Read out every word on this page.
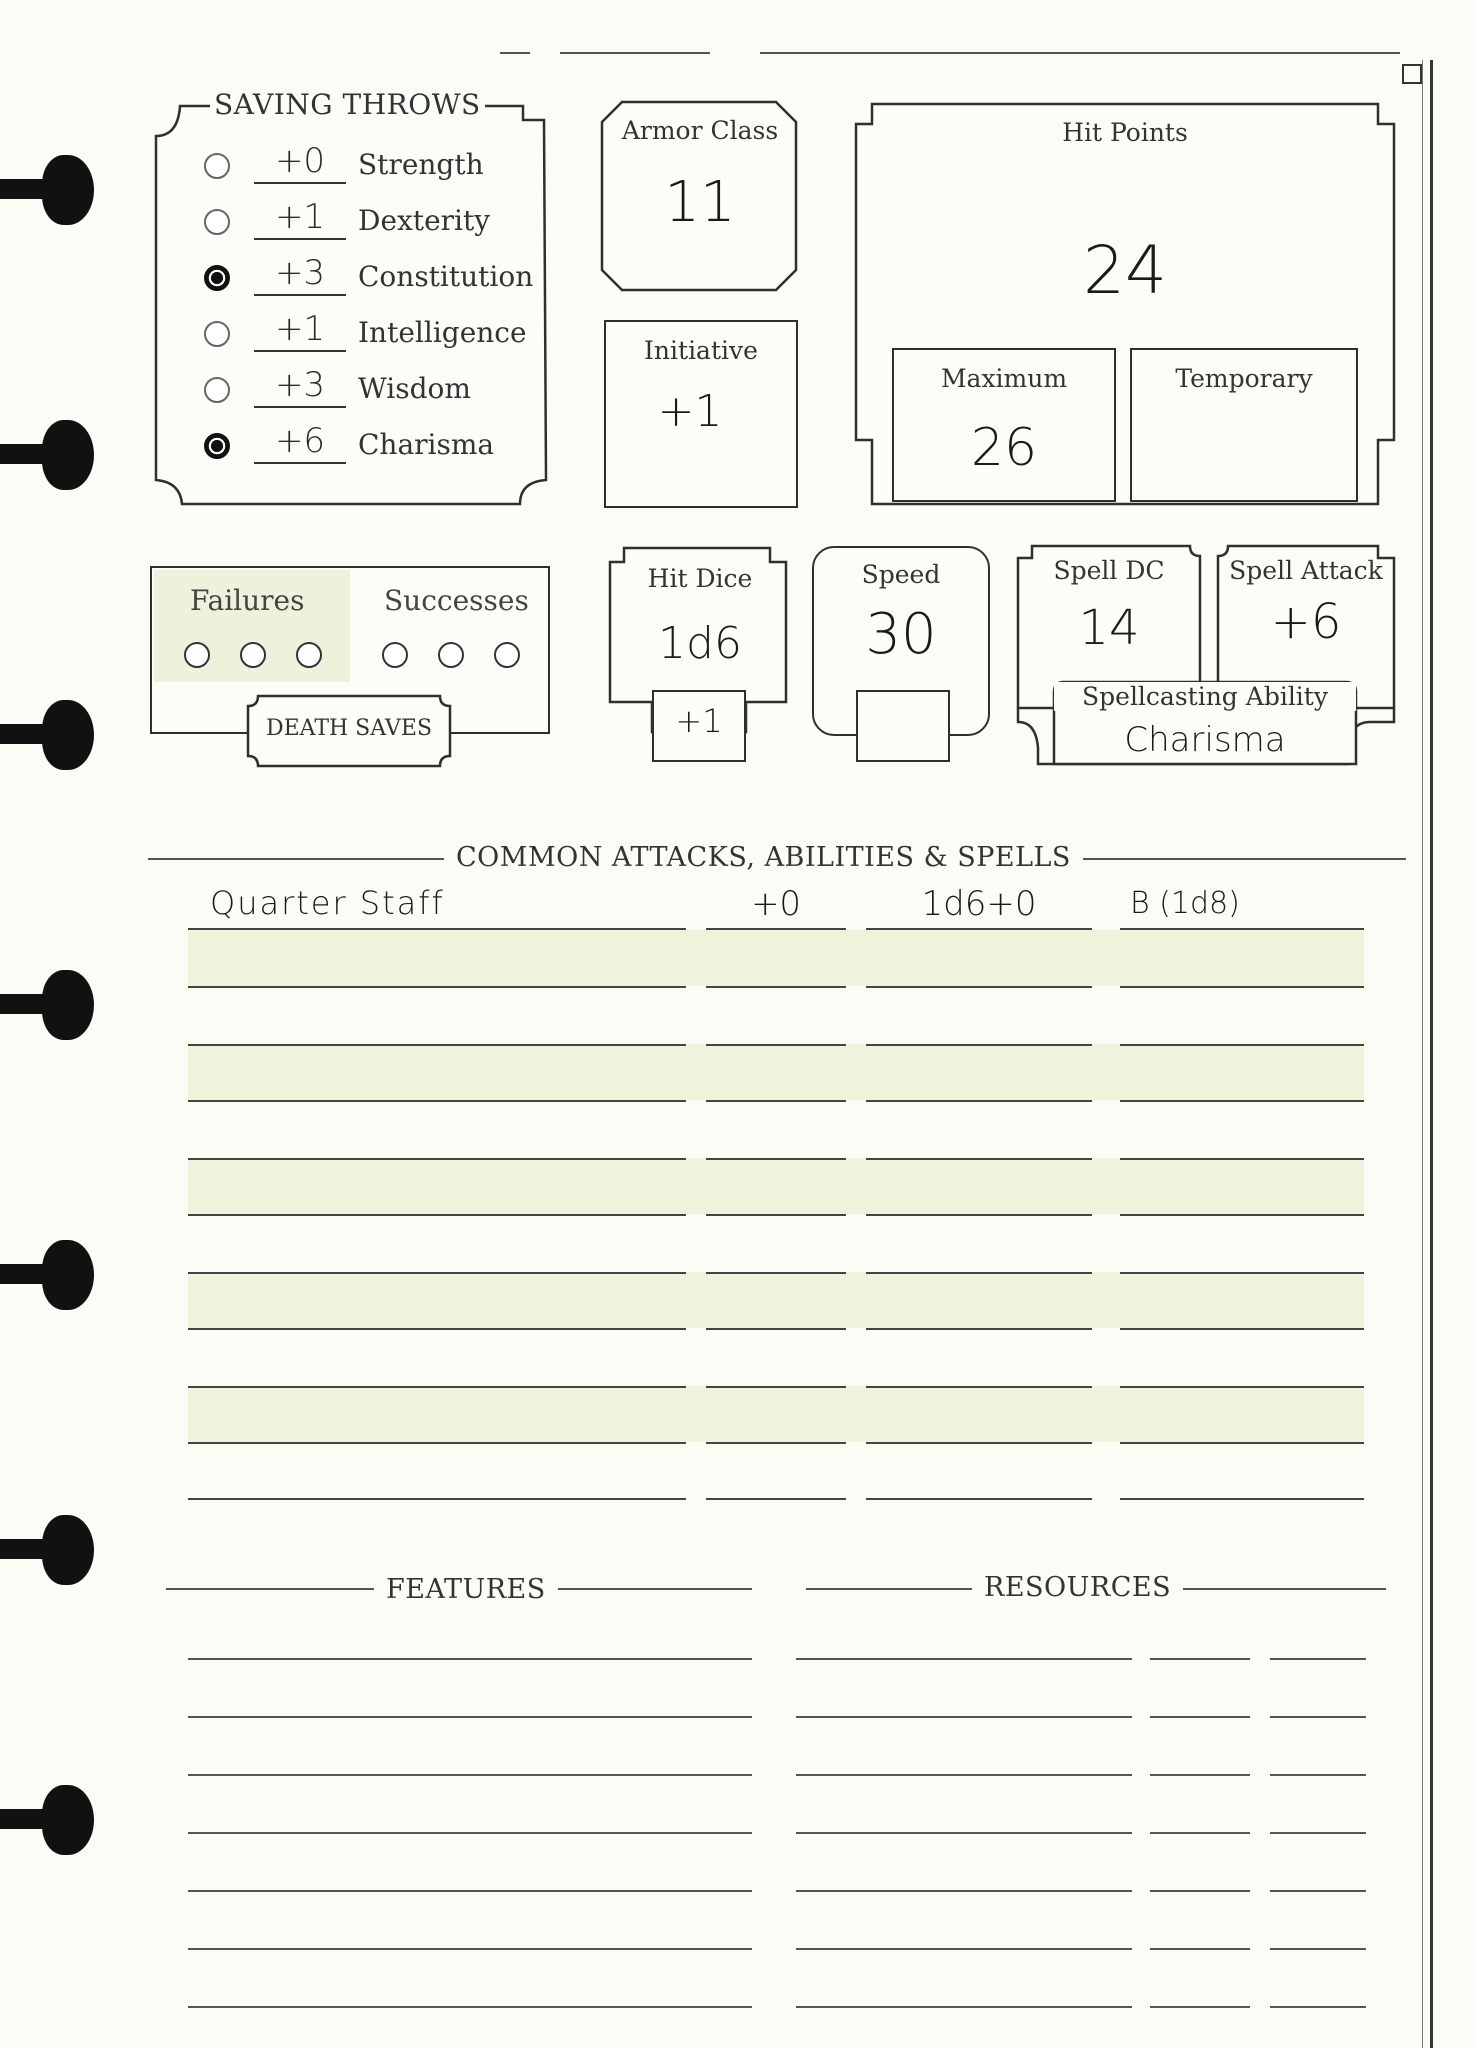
SAVING THROWS
+0	Strength
+1	Dexterity
+3	Constitution
+1	Intelligence
+3	Wisdom
+6	Charisma
Armor Class
11
Initiative
+1
Hit Points
24
Maximum
26
Temporary
Failures	Successes
DEATH SAVES
Hit Dice
1d6
+1
Speed
30
Spell DC
14
Spell Attack
+6
Spellcasting Ability
Charisma
COMMON ATTACKS, ABILITIES & SPELLS
Quarter Staff	+0	1d6+0	B (1d8)
FEATURES	RESOURCES
